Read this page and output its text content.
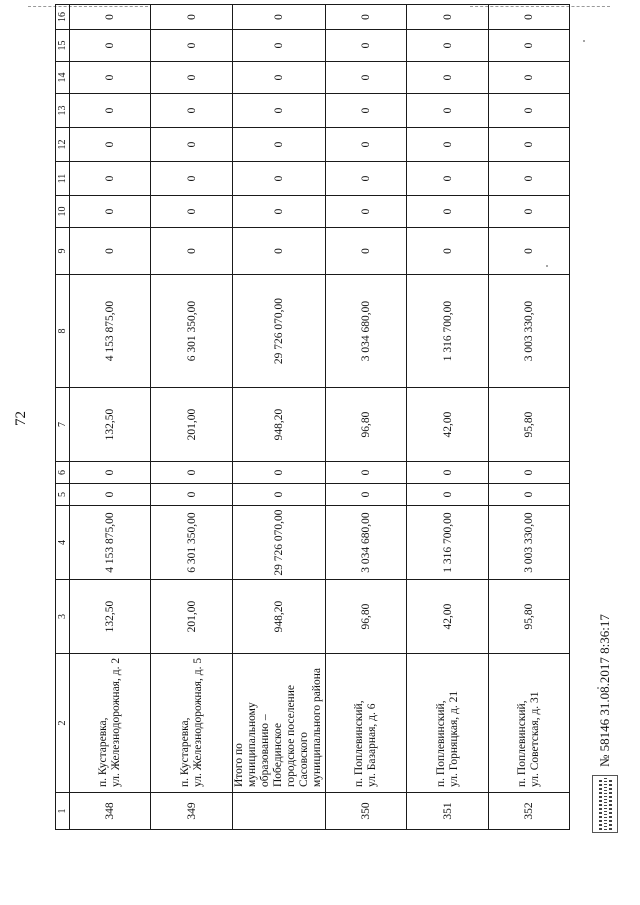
72
1	2	3	4	5	6	7	8	9	10	11	12	13	14	15	16
348	п. Кустаревка, ул. Железнодорожная, д. 2	132,50	4 153 875,00	0	0	132,50	4 153 875,00	0	0	0	0	0	0	0	0
349	п. Кустаревка, ул. Железнодорожная, д. 5	201,00	6 301 350,00	0	0	201,00	6 301 350,00	0	0	0	0	0	0	0	0

	Итого по муниципальному образованию – Побединское городское поселение Сасовского муниципального района	948,20	29 726 070,00	0	0	948,20	29 726 070,00	0	0	0	0	0	0	0	0
350	п. Поплевинский, ул. Базарная, д. 6	96,80	3 034 680,00	0	0	96,80	3 034 680,00	0	0	0	0	0	0	0	0
351	п. Поплевинский, ул. Горняцкая, д. 21	42,00	1 316 700,00	0	0	42,00	1 316 700,00	0	0	0	0	0	0	0	0
352	п. Поплевинский, ул. Советская, д. 31	95,80	3 003 330,00	0	0	95,80	3 003 330,00	0	0	0	0	0	0	0	0
№ 58146 31.08.2017 8:36:17
